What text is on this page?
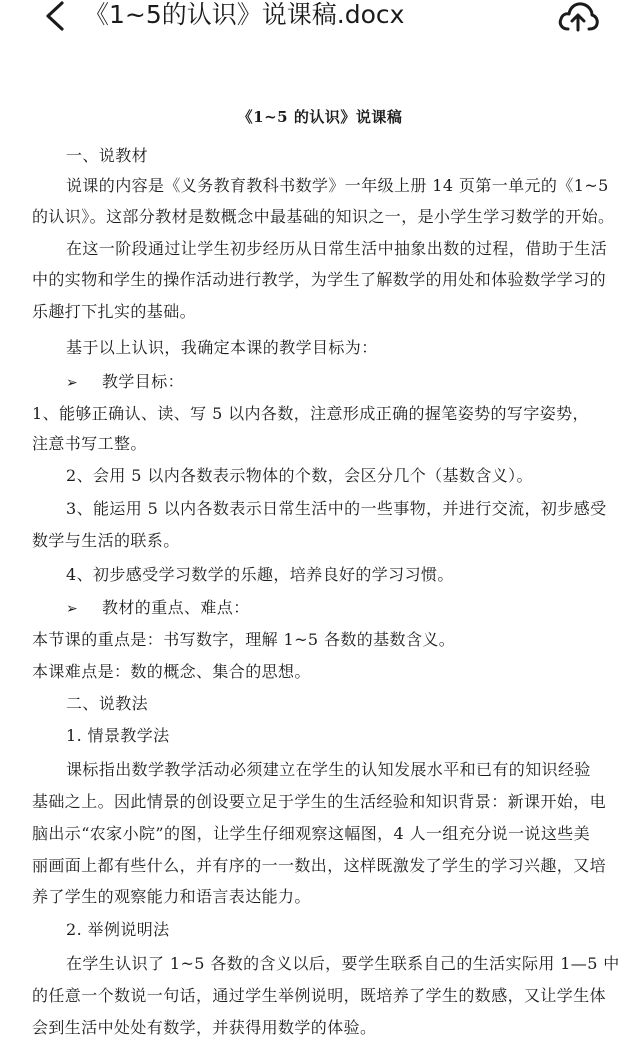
《1~5的认识》说课稿.docx
《1~5 的认识》说课稿
一、说教材
说课的内容是《义务教育教科书数学》一年级上册 14 页第一单元的《1~5
的认识》。这部分教材是数概念中最基础的知识之一，是小学生学习数学的开始。
在这一阶段通过让学生初步经历从日常生活中抽象出数的过程，借助于生活
中的实物和学生的操作活动进行教学，为学生了解数学的用处和体验数学学习的
乐趣打下扎实的基础。
基于以上认识，我确定本课的教学目标为：
➢ 教学目标：
1、能够正确认、读、写 5 以内各数，注意形成正确的握笔姿势的写字姿势，
注意书写工整。
2、会用 5 以内各数表示物体的个数，会区分几个（基数含义）。
3、能运用 5 以内各数表示日常生活中的一些事物，并进行交流，初步感受
数学与生活的联系。
4、初步感受学习数学的乐趣，培养良好的学习习惯。
➢ 教材的重点、难点：
本节课的重点是：书写数字，理解 1~5 各数的基数含义。
本课难点是：数的概念、集合的思想。
二、说教法
1. 情景教学法
课标指出数学教学活动必须建立在学生的认知发展水平和已有的知识经验
基础之上。因此情景的创设要立足于学生的生活经验和知识背景：新课开始，电
脑出示“农家小院”的图，让学生仔细观察这幅图，4 人一组充分说一说这些美
丽画面上都有些什么，并有序的一一数出，这样既激发了学生的学习兴趣，又培
养了学生的观察能力和语言表达能力。
2. 举例说明法
在学生认识了 1~5 各数的含义以后，要学生联系自己的生活实际用 1—5 中
的任意一个数说一句话，通过学生举例说明，既培养了学生的数感，又让学生体
会到生活中处处有数学，并获得用数学的体验。
